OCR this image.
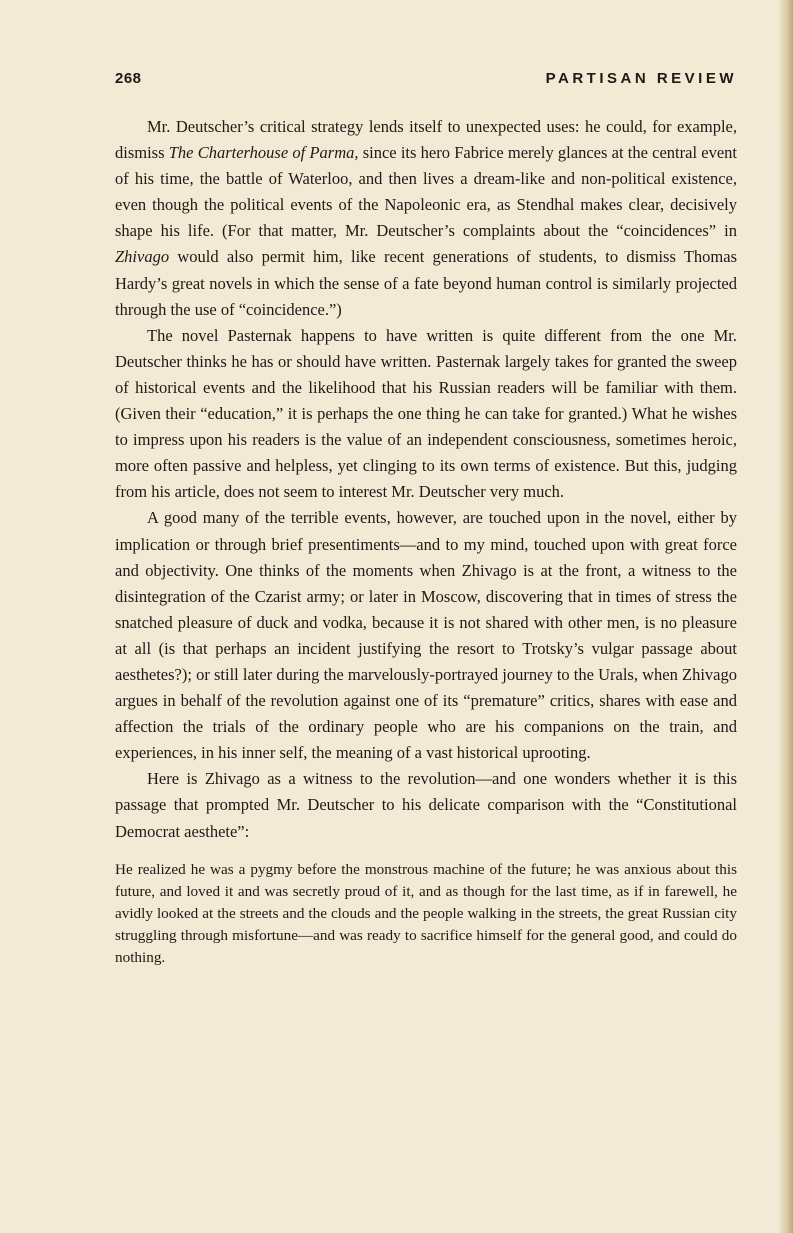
268	PARTISAN REVIEW

Mr. Deutscher’s critical strategy lends itself to unexpected uses: he could, for example, dismiss The Charterhouse of Parma, since its hero Fabrice merely glances at the central event of his time, the battle of Waterloo, and then lives a dream-like and non-political existence, even though the political events of the Napoleonic era, as Stendhal makes clear, decisively shape his life. (For that matter, Mr. Deutscher’s complaints about the “coincidences” in Zhivago would also permit him, like recent generations of students, to dismiss Thomas Hardy’s great novels in which the sense of a fate beyond human control is similarly projected through the use of “coincidence.”)

The novel Pasternak happens to have written is quite different from the one Mr. Deutscher thinks he has or should have written. Pasternak largely takes for granted the sweep of historical events and the likelihood that his Russian readers will be familiar with them. (Given their “education,” it is perhaps the one thing he can take for granted.) What he wishes to impress upon his readers is the value of an independent consciousness, sometimes heroic, more often passive and helpless, yet clinging to its own terms of existence. But this, judging from his article, does not seem to interest Mr. Deutscher very much.

A good many of the terrible events, however, are touched upon in the novel, either by implication or through brief presentiments—and to my mind, touched upon with great force and objectivity. One thinks of the moments when Zhivago is at the front, a witness to the disintegration of the Czarist army; or later in Moscow, discovering that in times of stress the snatched pleasure of duck and vodka, because it is not shared with other men, is no pleasure at all (is that perhaps an incident justifying the resort to Trotsky’s vulgar passage about aesthetes?); or still later during the marvelously-portrayed journey to the Urals, when Zhivago argues in behalf of the revolution against one of its “premature” critics, shares with ease and affection the trials of the ordinary people who are his companions on the train, and experiences, in his inner self, the meaning of a vast historical uprooting.

Here is Zhivago as a witness to the revolution—and one wonders whether it is this passage that prompted Mr. Deutscher to his delicate comparison with the “Constitutional Democrat aesthete”:

He realized he was a pygmy before the monstrous machine of the future; he was anxious about this future, and loved it and was secretly proud of it, and as though for the last time, as if in farewell, he avidly looked at the streets and the clouds and the people walking in the streets, the great Russian city struggling through misfortune—and was ready to sacrifice himself for the general good, and could do nothing.
